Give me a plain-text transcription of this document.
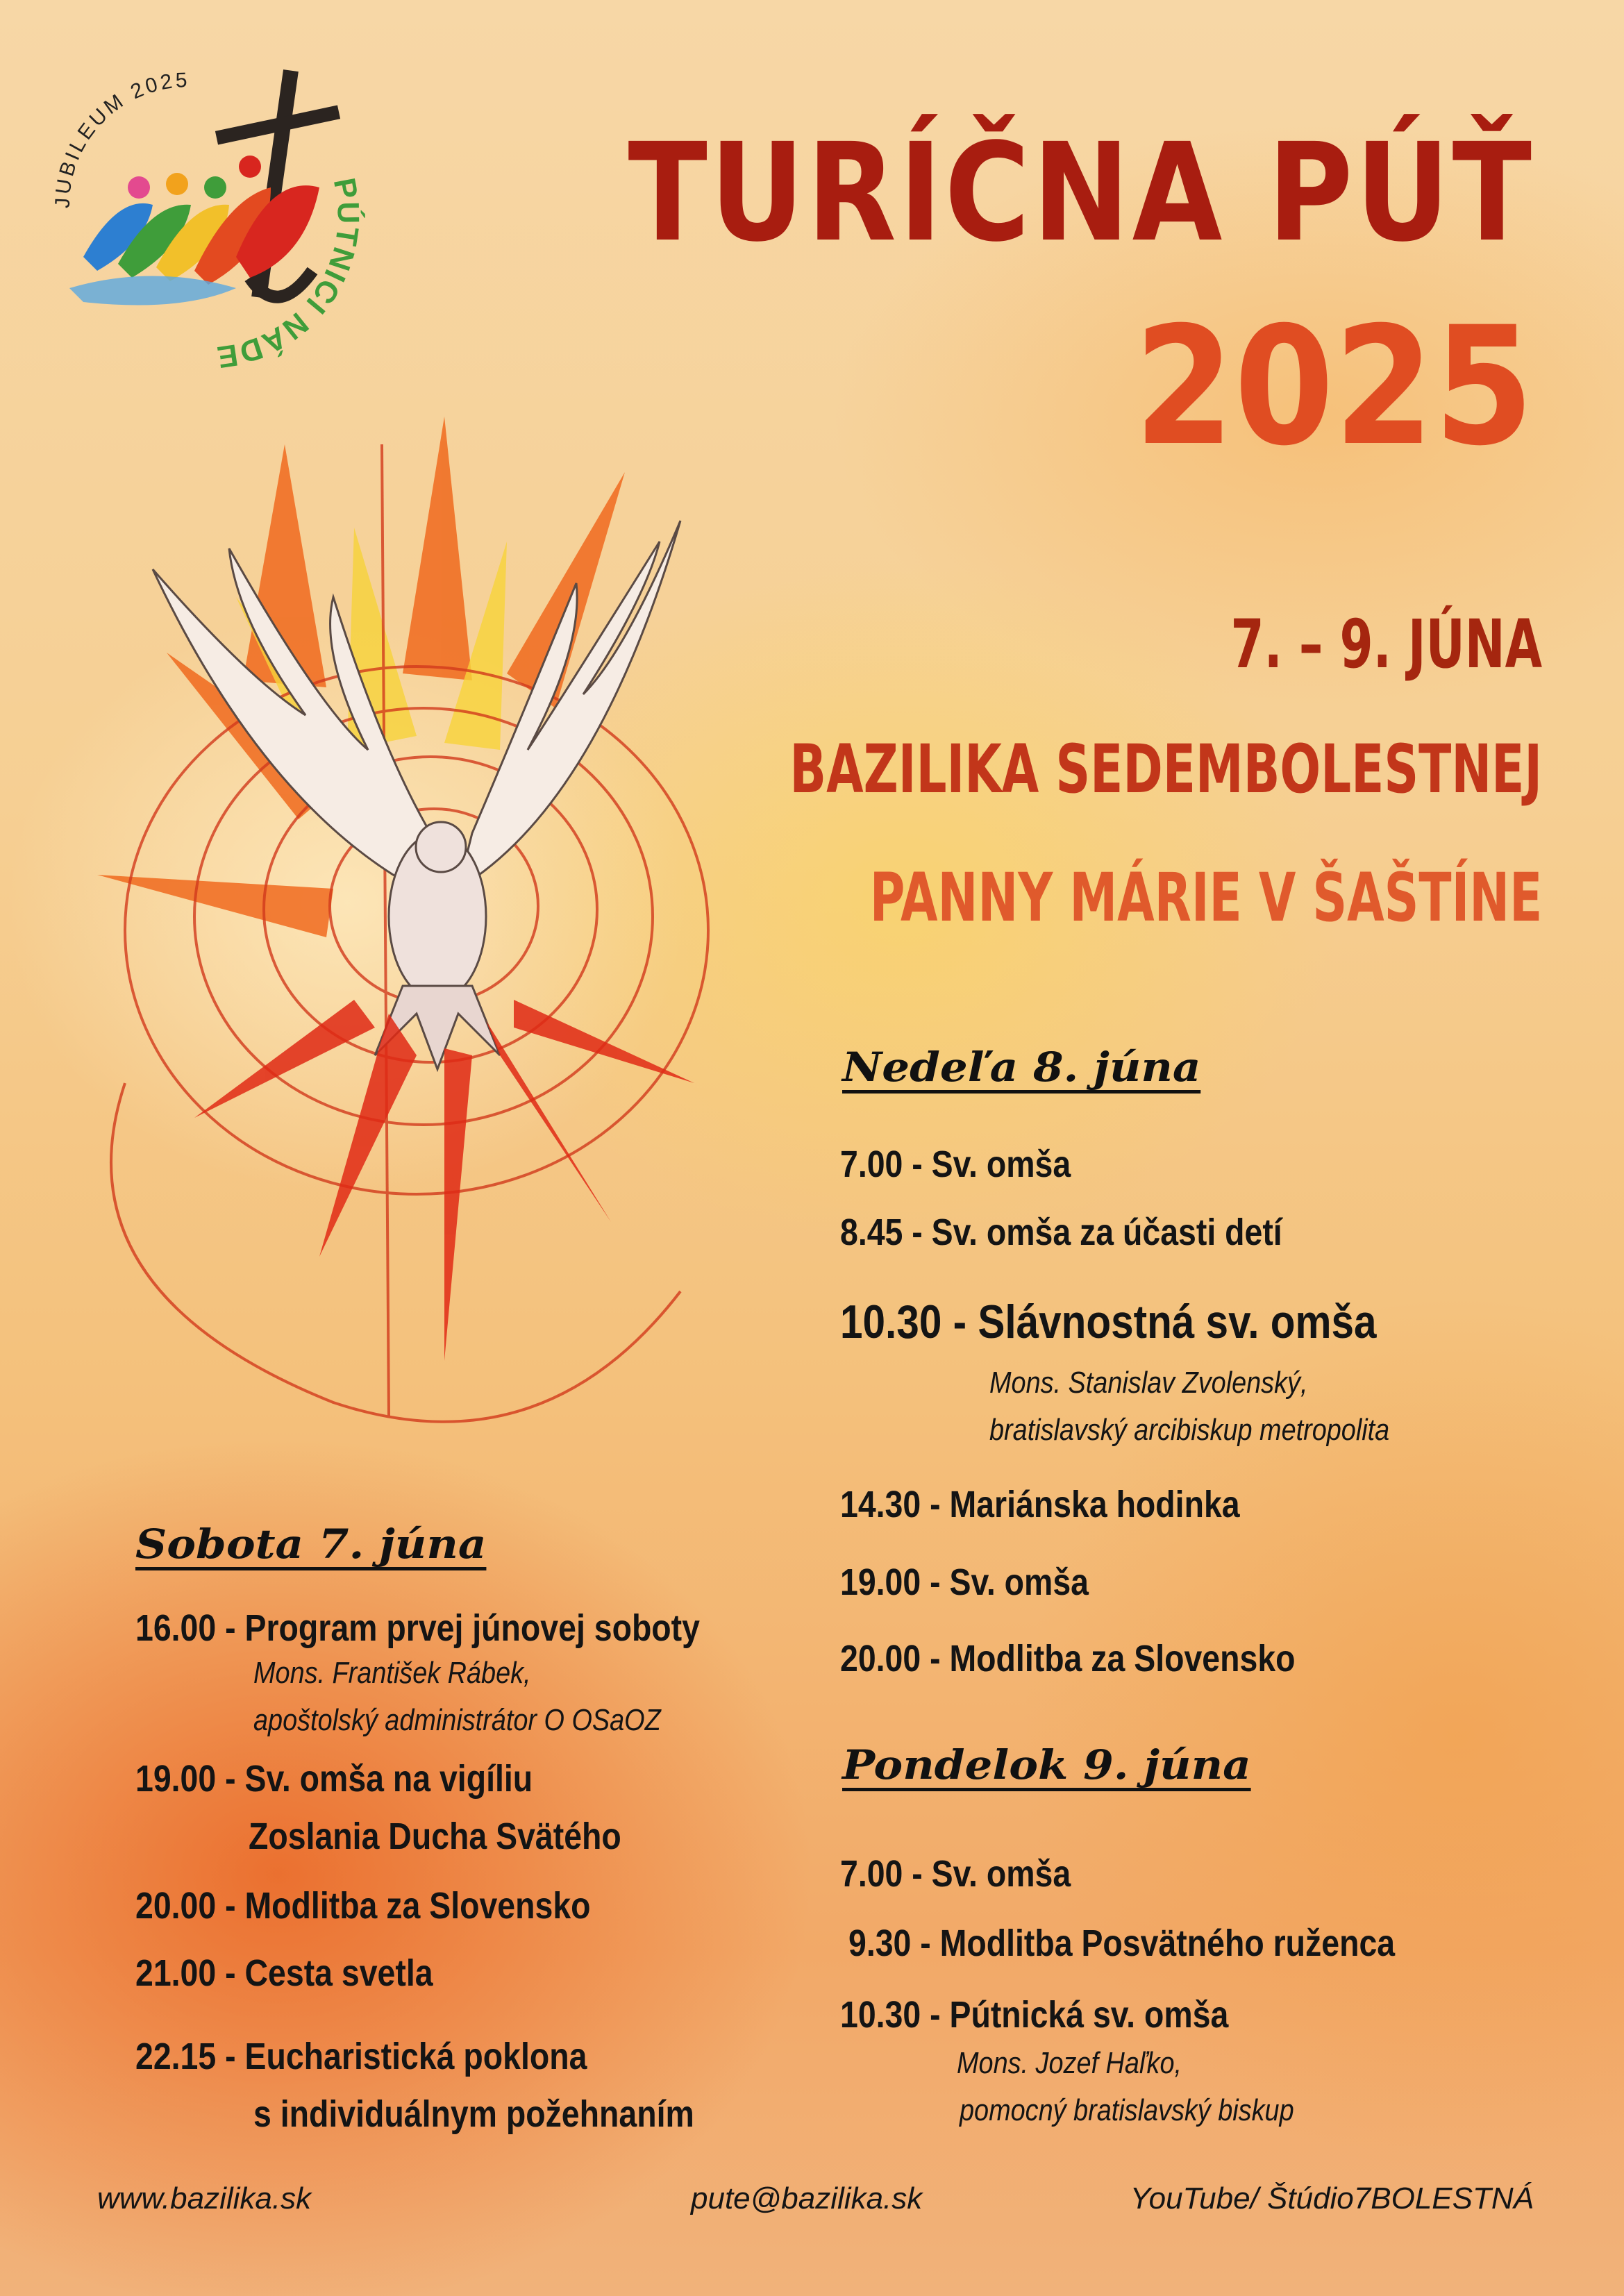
JUBILEUM 2025
PÚTNICI NÁDE
TURÍČNA PÚŤ
2025
7. – 9. JÚNA
BAZILIKA SEDEMBOLESTNEJ
PANNY MÁRIE V ŠAŠTÍNE
Sobota 7. júna
16.00 - Program prvej júnovej soboty
Mons. František Rábek,
apoštolský administrátor O OSaOZ
19.00 - Sv. omša na vigíliu
Zoslania Ducha Svätého
20.00 - Modlitba za Slovensko
21.00 - Cesta svetla
22.15 - Eucharistická poklona
s individuálnym požehnaním
Nedeľa 8. júna
7.00 - Sv. omša
8.45 - Sv. omša za účasti detí
10.30 - Slávnostná sv. omša
Mons. Stanislav Zvolenský,
bratislavský arcibiskup metropolita
14.30 - Mariánska hodinka
19.00 - Sv. omša
20.00 - Modlitba za Slovensko
Pondelok 9. júna
7.00 - Sv. omša
9.30 - Modlitba Posvätného ruženca
10.30 - Pútnická sv. omša
Mons. Jozef Haľko,
pomocný bratislavský biskup
www.bazilika.sk	pute@bazilika.sk	YouTube/ Štúdio7BOLESTNÁ
